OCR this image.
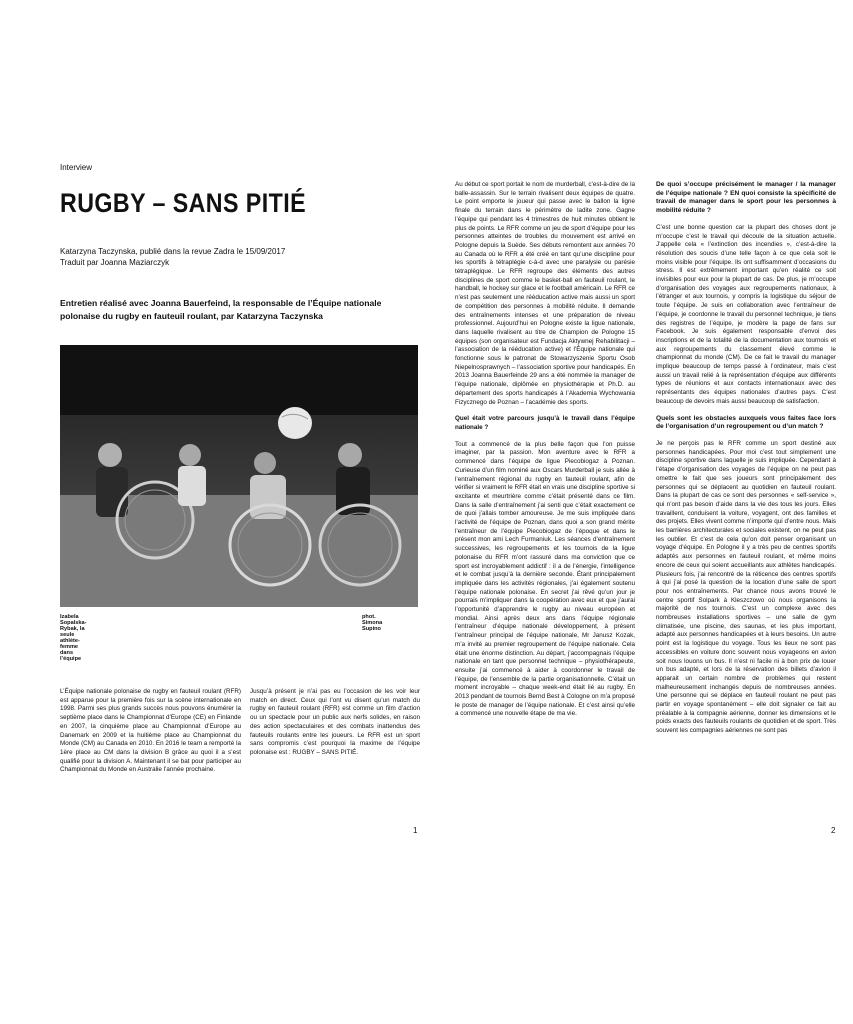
Interview
RUGBY – SANS PITIÉ
Katarzyna Taczynska, publié dans la revue Zadra le 15/09/2017
Traduit par Joanna Maziarczyk
Entretien réalisé avec Joanna Bauerfeind, la responsable de l’Équipe nationale polonaise du rugby en fauteuil roulant, par Katarzyna Taczynska
Izabela Sopalska-Rybak, la seule athlète-femme dans l’équipe
phot. Simona Supino

L’Équipe nationale polonaise de rugby en fauteuil roulant (RFR) est apparue pour la première fois sur la scène internationale en 1998. Parmi ses plus grands succès nous pouvons énumérer la septième place dans le Championnat d’Europe (CE) en Finlande en 2007, la cinquième place au Championnat d’Europe au Danemark en 2009 et la huitième place au Championnat du Monde (CM) au Canada en 2010. En 2016 le team a remporté la 1ère place au CM dans la division B grâce au quoi il a s’est qualifié pour la division A. Maintenant il se bat pour participer au Championnat du Monde en Australie l’année prochaine.

Jusqu’à présent je n’ai pas eu l’occasion de les voir leur match en direct. Ceux qui l’ont vu disent qu’un match du rugby en fauteuil roulant (RFR) est comme un film d’action ou un spectacle pour un public aux nerfs solides, en raison des action spectaculaires et des combats inattendus des fauteuils roulants entre les joueurs. Le RFR est un sport sans compromis c’est pourquoi la maxime de l’équipe polonaise est : RUGBY – SANS PITIÉ.

Au début ce sport portait le nom de murderball, c’est-à-dire de la balle-assassin. Sur le terrain rivalisent deux équipes de quatre. Le point emporte le joueur qui passe avec le ballon la ligne finale du terrain dans le périmètre de ladite zone. Gagne l’équipe qui pendant les 4 trimestres de huit minutes obtient le plus de points. Le RFR comme un jeu de sport d’équipe pour les personnes atteintes de troubles du mouvement est arrivé en Pologne depuis la Suède. Ses débuts remontent aux années 70 au Canada où le RFR a été créé en tant qu’une discipline pour les sportifs à tétraplégie c-à-d avec une paralysie ou parésie tétraplégique. Le RFR regroupe des éléments des autres disciplines de sport comme le basket-ball en fauteuil roulant, le handball, le hockey sur glace et le football américain. Le RFR ce n’est pas seulement une rééducation active mais aussi un sport de compétition des personnes à mobilité réduite. Il demande des entraînements intenses et une préparation de niveau professionnel. Aujourd’hui en Pologne existe la ligue nationale, dans laquelle rivalisent au titre de Champion de Pologne 15 équipes (son organisateur est Fundacja Aktywnej Rehabilitacji – l’association de la rééducation active) et l’Équipe nationale qui fonctionne sous le patronat de Stowarzyszenie Sportu Osob Niepelnosprawnych – l’association sportive pour handicapés. En 2013 Joanna Bauerfeinde 29 ans a été nommée la manager de l’équipe nationale, diplômée en physiothérapie et Ph.D. au département des sports handicapés à l’Akademia Wychowania Fizycznego de Poznan – l’académie des sports.

Quel était votre parcours jusqu’à le travail dans l’équipe nationale ?

Tout a commencé de la plus belle façon que l’on puisse imaginer, par la passion. Mon aventure avec le RFR a commencé dans l’équipe de ligue Piecobiogaz à Poznan. Curieuse d’un film nominé aux Oscars Murderball je suis allée à l’entraînement régional du rugby en fauteuil roulant, afin de vérifier si vraiment le RFR était en vrais une discipline sportive si excitante et meurtrière comme c’était présenté dans ce film. Dans la salle d’entraînement j’ai senti que c’était exactement ce de quoi j’allais tomber amoureuse. Je me suis impliquée dans l’activité de l’équipe de Poznan, dans quoi a son grand mérite l’entraîneur de l’équipe Piecobiogaz de l’époque et dans le présent mon ami Lech Furmaniuk. Les séances d’entraînement successives, les regroupements et les tournois de la ligue polonaise du RFR m’ont rassuré dans ma conviction que ce sport est incroyablement addictif : il a de l’énergie, l’intelligence et le combat jusqu’à la dernière seconde. Étant principalement impliquée dans les activités régionales, j’ai également soutenu l’équipe nationale polonaise. En secret j’ai rêvé qu’un jour je pourrais m’impliquer dans la coopération avec eux et que j’aurai l’opportunité d’apprendre le rugby au niveau européen et mondial. Ainsi après deux ans dans l’équipe régionale l’entraîneur d’équipe nationale développement, à présent l’entraîneur principal de l’équipe nationale, Mr Janusz Kozak, m’a invité au premier regroupement de l’équipe nationale. Cela était une énorme distinction. Au départ, j’accompagnais l’équipe nationale en tant que personnel technique – physiothérapeute, ensuite j’ai commencé à aider à coordonner le travail de l’équipe, de l’ensemble de la partie organisationnelle. C’était un moment incroyable – chaque week-end était lié au rugby. En 2013 pendant de tournois Bernd Best à Cologne on m’a proposé le poste de manager de l’équipe nationale. Et c’est ainsi qu’elle a commencé une nouvelle étape de ma vie.

1

De quoi s’occupe précisément le manager / la manager de l’équipe nationale ? EN quoi consiste la spécificité de travail de manager dans le sport pour les personnes à mobilité réduite ?

C’est une bonne question car la plupart des choses dont je m’occupe c’est le travail qui découle de la situation actuelle. J’appelle cela « l’extinction des incendies », c’est-à-dire la résolution des soucis d’une telle façon à ce que cela soit le moins visible pour l’équipe. Ils ont suffisamment d’occasions du stress. Il est extrêmement important qu’en réalité ce soit invisibles pour eux pour la plupart de cas. De plus, je m’occupe d’organisation des voyages aux regroupements nationaux, à l’étranger et aux tournois, y compris la logistique du séjour de toute l’équipe. Je suis en collaboration avec l’entraîneur de l’équipe, je coordonne le travail du personnel technique, je tiens des registres de l’équipe, je modère la page de fans sur Facebook. Je suis également responsable d’envoi des inscriptions et de la totalité de la documentation aux tournois et aux regroupements du classement élevé comme le championnat du monde (CM). De ce fait le travail du manager implique beaucoup de temps passé à l’ordinateur, mais c’est aussi un travail relié à la représentation d’équipe aux différents types de réunions et aux contacts internationaux avec des représentants des équipes nationales d’autres pays. C’est beaucoup de devoirs mais aussi beaucoup de satisfaction.

Quels sont les obstacles auxquels vous faites face lors de l’organisation d’un regroupement ou d’un match ?

Je ne perçois pas le RFR comme un sport destiné aux personnes handicapées. Pour moi c’est tout simplement une discipline sportive dans laquelle je suis impliquée. Cependant à l’étape d’organisation des voyages de l’équipe on ne peut pas omettre le fait que ses joueurs sont principalement des personnes qui se déplacent au quotidien en fauteuil roulant. Dans la plupart de cas ce sont des personnes « self-service », qui n’ont pas besoin d’aide dans la vie des tous les jours. Elles travaillent, conduisent la voiture, voyagent, ont des familles et des projets. Elles vivent comme n’importe qui d’entre nous. Mais les barrières architecturales et sociales existent, on ne peut pas les oublier. Et c’est de cela qu’on doit penser organisant un voyage d’équipe. En Pologne il y a très peu de centres sportifs adaptés aux personnes en fauteuil roulant, et même moins encore de ceux qui soient accueillants aux athlètes handicapés. Plusieurs fois, j’ai rencontré de la réticence des centres sportifs à qui j’ai posé la question de la location d’une salle de sport pour nos entraînements. Par chance nous avons trouvé le centre sportif Solpark à Kleszczowo où nous organisons la majorité de nos tournois. C’est un complexe avec des nombreuses installations sportives – une salle de gym climatisée, une piscine, des saunas, et les plus important, adapté aux personnes handicapées et à leurs besoins. Un autre point est la logistique du voyage. Tous les lieux ne sont pas accessibles en voiture donc souvent nous voyageons en avion soit nous louons un bus. Il n’est ni facile ni à bon prix de louer un bus adapté, et lors de la réservation des billets d’avion il apparait un certain nombre de problèmes qui restent malheureusement inchangés depuis de nombreuses années. Une personne qui se déplace en fauteuil roulant ne peut pas partir en voyage spontanément – elle doit signaler ce fait au préalable à la compagnie aérienne, donner les dimensions et le poids exacts des fauteuils roulants de quotidien et de sport. Très souvent les compagnies aériennes ne sont pas

2
